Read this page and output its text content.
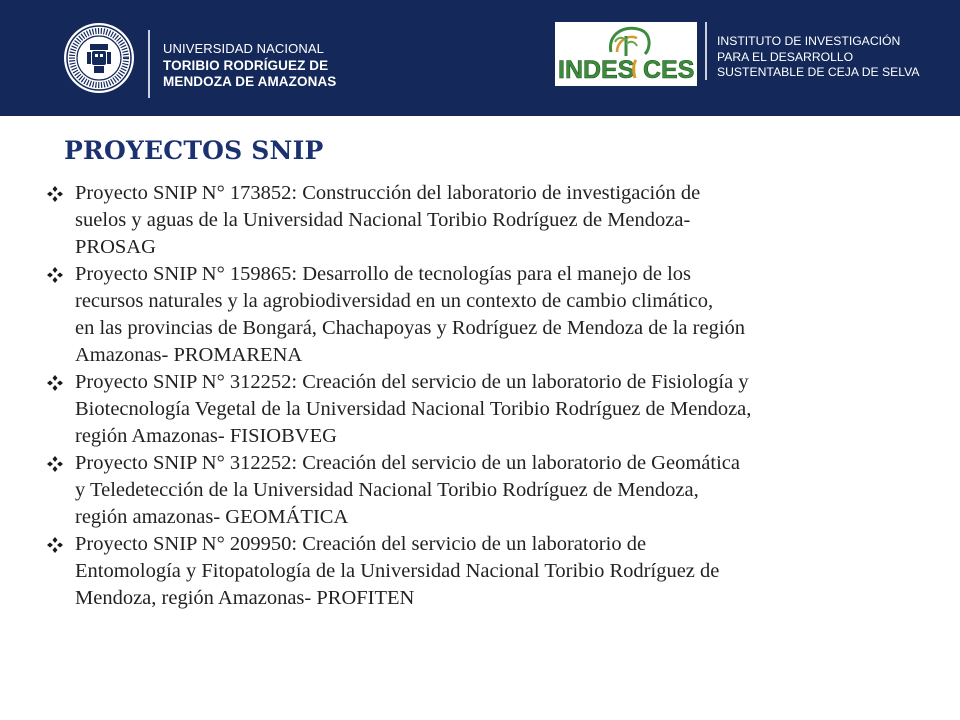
UNIVERSIDAD NACIONAL
TORIBIO RODRÍGUEZ DE
MENDOZA DE AMAZONAS	INDES CES
INSTITUTO DE INVESTIGACIÓN
PARA EL DESARROLLO
SUSTENTABLE DE CEJA DE SELVA
PROYECTOS SNIP
Proyecto SNIP N° 173852: Construcción del laboratorio de investigación de
suelos y aguas de la Universidad Nacional Toribio Rodríguez de Mendoza-
PROSAG
Proyecto SNIP N° 159865: Desarrollo de tecnologías para el manejo de los
recursos naturales y la agrobiodiversidad en un contexto de cambio climático,
en las provincias de Bongará, Chachapoyas y Rodríguez de Mendoza de la región
Amazonas- PROMARENA
Proyecto SNIP N° 312252: Creación del servicio de un laboratorio de Fisiología y
Biotecnología Vegetal de la Universidad Nacional Toribio Rodríguez de Mendoza,
región Amazonas- FISIOBVEG
Proyecto SNIP N° 312252: Creación del servicio de un laboratorio de Geomática
y Teledetección de la Universidad Nacional Toribio Rodríguez de Mendoza,
región amazonas- GEOMÁTICA
Proyecto SNIP N° 209950: Creación del servicio de un laboratorio de
Entomología y Fitopatología de la Universidad Nacional Toribio Rodríguez de
Mendoza, región Amazonas- PROFITEN
